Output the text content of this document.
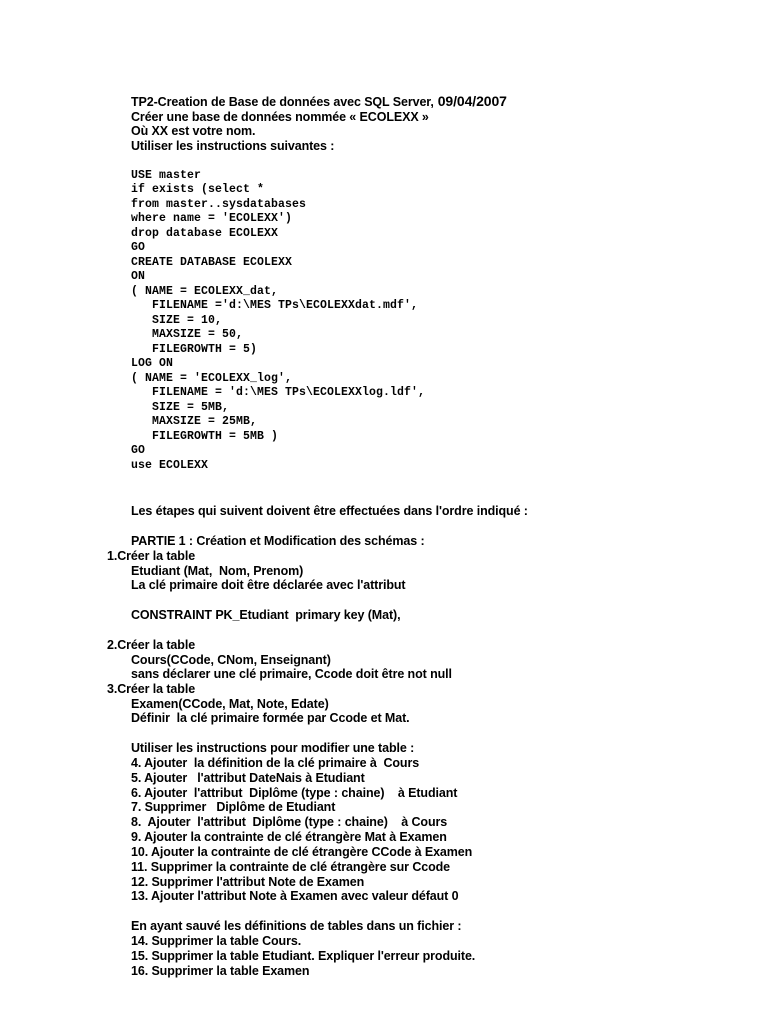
TP2-Creation de Base de données avec SQL Server, 09/04/2007
Créer une base de données nommée « ECOLEXX »
Où XX est votre nom.
Utiliser les instructions suivantes :
USE master
if exists (select *
from master..sysdatabases
where name = 'ECOLEXX')
drop database ECOLEXX
GO
CREATE DATABASE ECOLEXX
ON
( NAME = ECOLEXX_dat,
FILENAME ='d:\MES TPs\ECOLEXXdat.mdf',
SIZE = 10,
MAXSIZE = 50,
FILEGROWTH = 5)
LOG ON
( NAME = 'ECOLEXX_log',
FILENAME = 'd:\MES TPs\ECOLEXXlog.ldf',
SIZE = 5MB,
MAXSIZE = 25MB,
FILEGROWTH = 5MB )
GO
use ECOLEXX
Les étapes qui suivent doivent être effectuées dans l'ordre indiqué :
PARTIE 1 : Création et Modification des schémas :
1.Créer la table
Etudiant (Mat,  Nom, Prenom)
La clé primaire doit être déclarée avec l'attribut
CONSTRAINT PK_Etudiant  primary key (Mat),
2.Créer la table
Cours(CCode, CNom, Enseignant)
sans déclarer une clé primaire, Ccode doit être not null
3.Créer la table
Examen(CCode, Mat, Note, Edate)
Définir  la clé primaire formée par Ccode et Mat.
Utiliser les instructions pour modifier une table :
4. Ajouter  la définition de la clé primaire à  Cours
5. Ajouter   l'attribut DateNais à Etudiant
6. Ajouter  l'attribut  Diplôme (type : chaine)    à Etudiant
7. Supprimer   Diplôme de Etudiant
8.  Ajouter  l'attribut  Diplôme (type : chaine)    à Cours
9. Ajouter la contrainte de clé étrangère Mat à Examen
10. Ajouter la contrainte de clé étrangère CCode à Examen
11. Supprimer la contrainte de clé étrangère sur Ccode
12. Supprimer l'attribut Note de Examen
13. Ajouter l'attribut Note à Examen avec valeur défaut 0
En ayant sauvé les définitions de tables dans un fichier :
14. Supprimer la table Cours.
15. Supprimer la table Etudiant. Expliquer l'erreur produite.
16. Supprimer la table Examen
